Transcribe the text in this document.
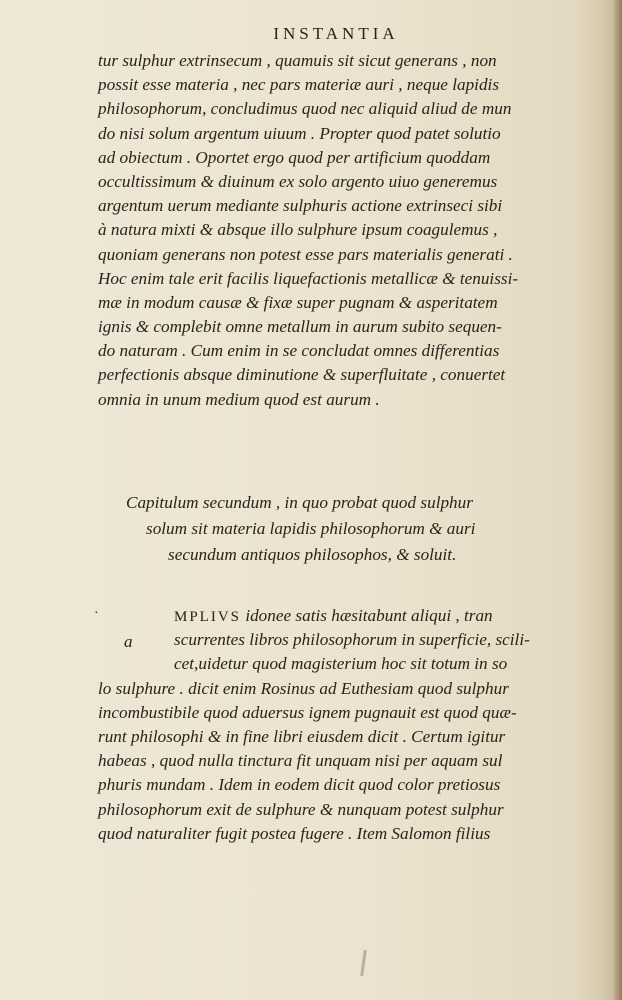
INSTANTIA
tur sulphur extrinsecum , quamuis sit sicut generans , non
possit esse materia , nec pars materiæ auri , neque lapidis
philosophorum, concludimus quod nec aliquid aliud de mun
do nisi solum argentum uiuum . Propter quod patet solutio
ad obiectum . Oportet ergo quod per artificium quoddam
occultissimum & diuinum ex solo argento uiuo generemus
argentum uerum mediante sulphuris actione extrinseci sibi
à natura mixti & absque illo sulphure ipsum coagulemus ,
quoniam generans non potest esse pars materialis generati .
Hoc enim tale erit facilis liquefactionis metallicæ & tenuissi-
mæ in modum causæ & fixæ super pugnam & asperitatem
ignis & complebit omne metallum in aurum subito sequen-
do naturam . Cum enim in se concludat omnes differentias
perfectionis absque diminutione & superfluitate , conuertet
omnia in unum medium quod est aurum .
Capitulum secundum , in quo probat quod sulphur
solum sit materia lapidis philosophorum & auri
secundum antiquos philosophos, & soluit.
·
a
MPLIVS idonee satis hæsitabunt aliqui , tran
scurrentes libros philosophorum in superficie, scili-
cet,uidetur quod magisterium hoc sit totum in so
lo sulphure . dicit enim Rosinus ad Euthesiam quod sulphur
incombustibile quod aduersus ignem pugnauit est quod quæ-
runt philosophi & in fine libri eiusdem dicit . Certum igitur
habeas , quod nulla tinctura fit unquam nisi per aquam sul
phuris mundam . Idem in eodem dicit quod color pretiosus
philosophorum exit de sulphure & nunquam potest sulphur
quod naturaliter fugit postea fugere . Item Salomon filius
